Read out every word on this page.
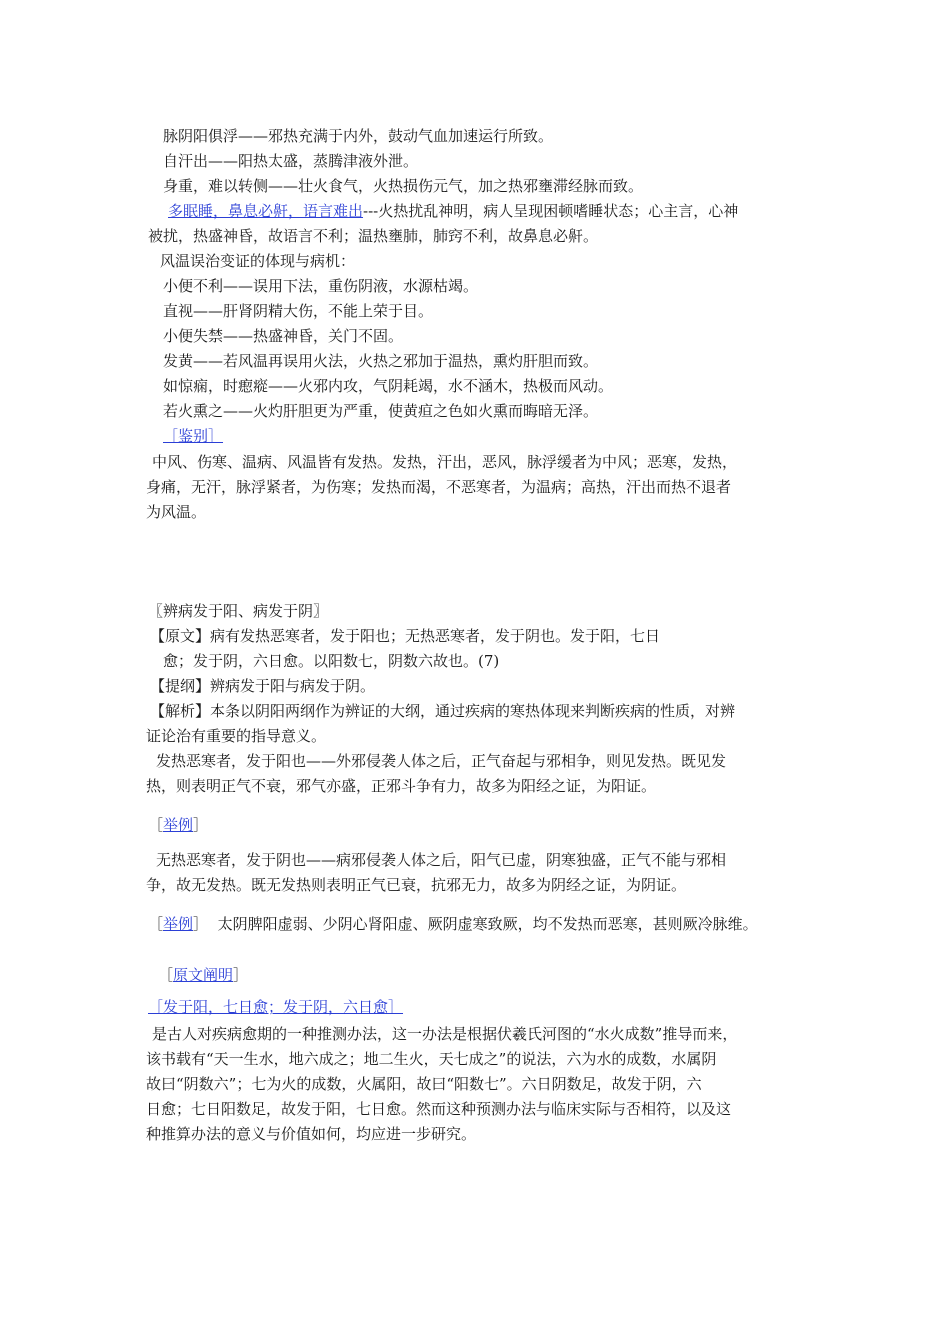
脉阴阳俱浮——邪热充满于内外，鼓动气血加速运行所致。
自汗出——阳热太盛，蒸腾津液外泄。
身重，难以转侧——壮火食气，火热损伤元气，加之热邪壅滞经脉而致。
多眠睡，鼻息必鼾，语言难出---火热扰乱神明，病人呈现困顿嗜睡状态；心主言，心神
被扰，热盛神昏，故语言不利；温热壅肺，肺窍不利，故鼻息必鼾。
风温误治变证的体现与病机：
小便不利——误用下法，重伤阴液，水源枯竭。
直视——肝肾阴精大伤，不能上荣于目。
小便失禁——热盛神昏，关门不固。
发黄——若风温再误用火法，火热之邪加于温热，熏灼肝胆而致。
如惊痫，时瘛瘲——火邪内攻，气阴耗竭，水不涵木，热极而风动。
若火熏之——火灼肝胆更为严重，使黄疸之色如火熏而晦暗无泽。
［鉴别］
中风、伤寒、温病、风温皆有发热。发热，汗出，恶风，脉浮缓者为中风；恶寒，发热，
身痛，无汗，脉浮紧者，为伤寒；发热而渴，不恶寒者，为温病；高热，汗出而热不退者
为风温。
〖辨病发于阳、病发于阴〗
【原文】病有发热恶寒者，发于阳也；无热恶寒者，发于阴也。发于阳，七日
愈；发于阴，六日愈。以阳数七，阴数六故也。(7)
【提纲】辨病发于阳与病发于阴。
【解析】本条以阴阳两纲作为辨证的大纲，通过疾病的寒热体现来判断疾病的性质，对辨
证论治有重要的指导意义。
发热恶寒者，发于阳也——外邪侵袭人体之后，正气奋起与邪相争，则见发热。既见发
热，则表明正气不衰，邪气亦盛，正邪斗争有力，故多为阳经之证，为阳证。
［举例］
无热恶寒者，发于阴也——病邪侵袭人体之后，阳气已虚，阴寒独盛，正气不能与邪相
争，故无发热。既无发热则表明正气已衰，抗邪无力，故多为阴经之证，为阴证。
［举例］ 太阴脾阳虚弱、少阴心肾阳虚、厥阴虚寒致厥，均不发热而恶寒，甚则厥冷脉维。
［原文阐明］
［发于阳，七日愈；发于阴，六日愈］
是古人对疾病愈期的一种推测办法，这一办法是根据伏羲氏河图的“水火成数”推导而来，
该书载有“天一生水，地六成之；地二生火，天七成之”的说法，六为水的成数，水属阴
故曰“阴数六”；七为火的成数，火属阳，故曰“阳数七”。六日阴数足，故发于阴，六
日愈；七日阳数足，故发于阳，七日愈。然而这种预测办法与临床实际与否相符，以及这
种推算办法的意义与价值如何，均应进一步研究。
